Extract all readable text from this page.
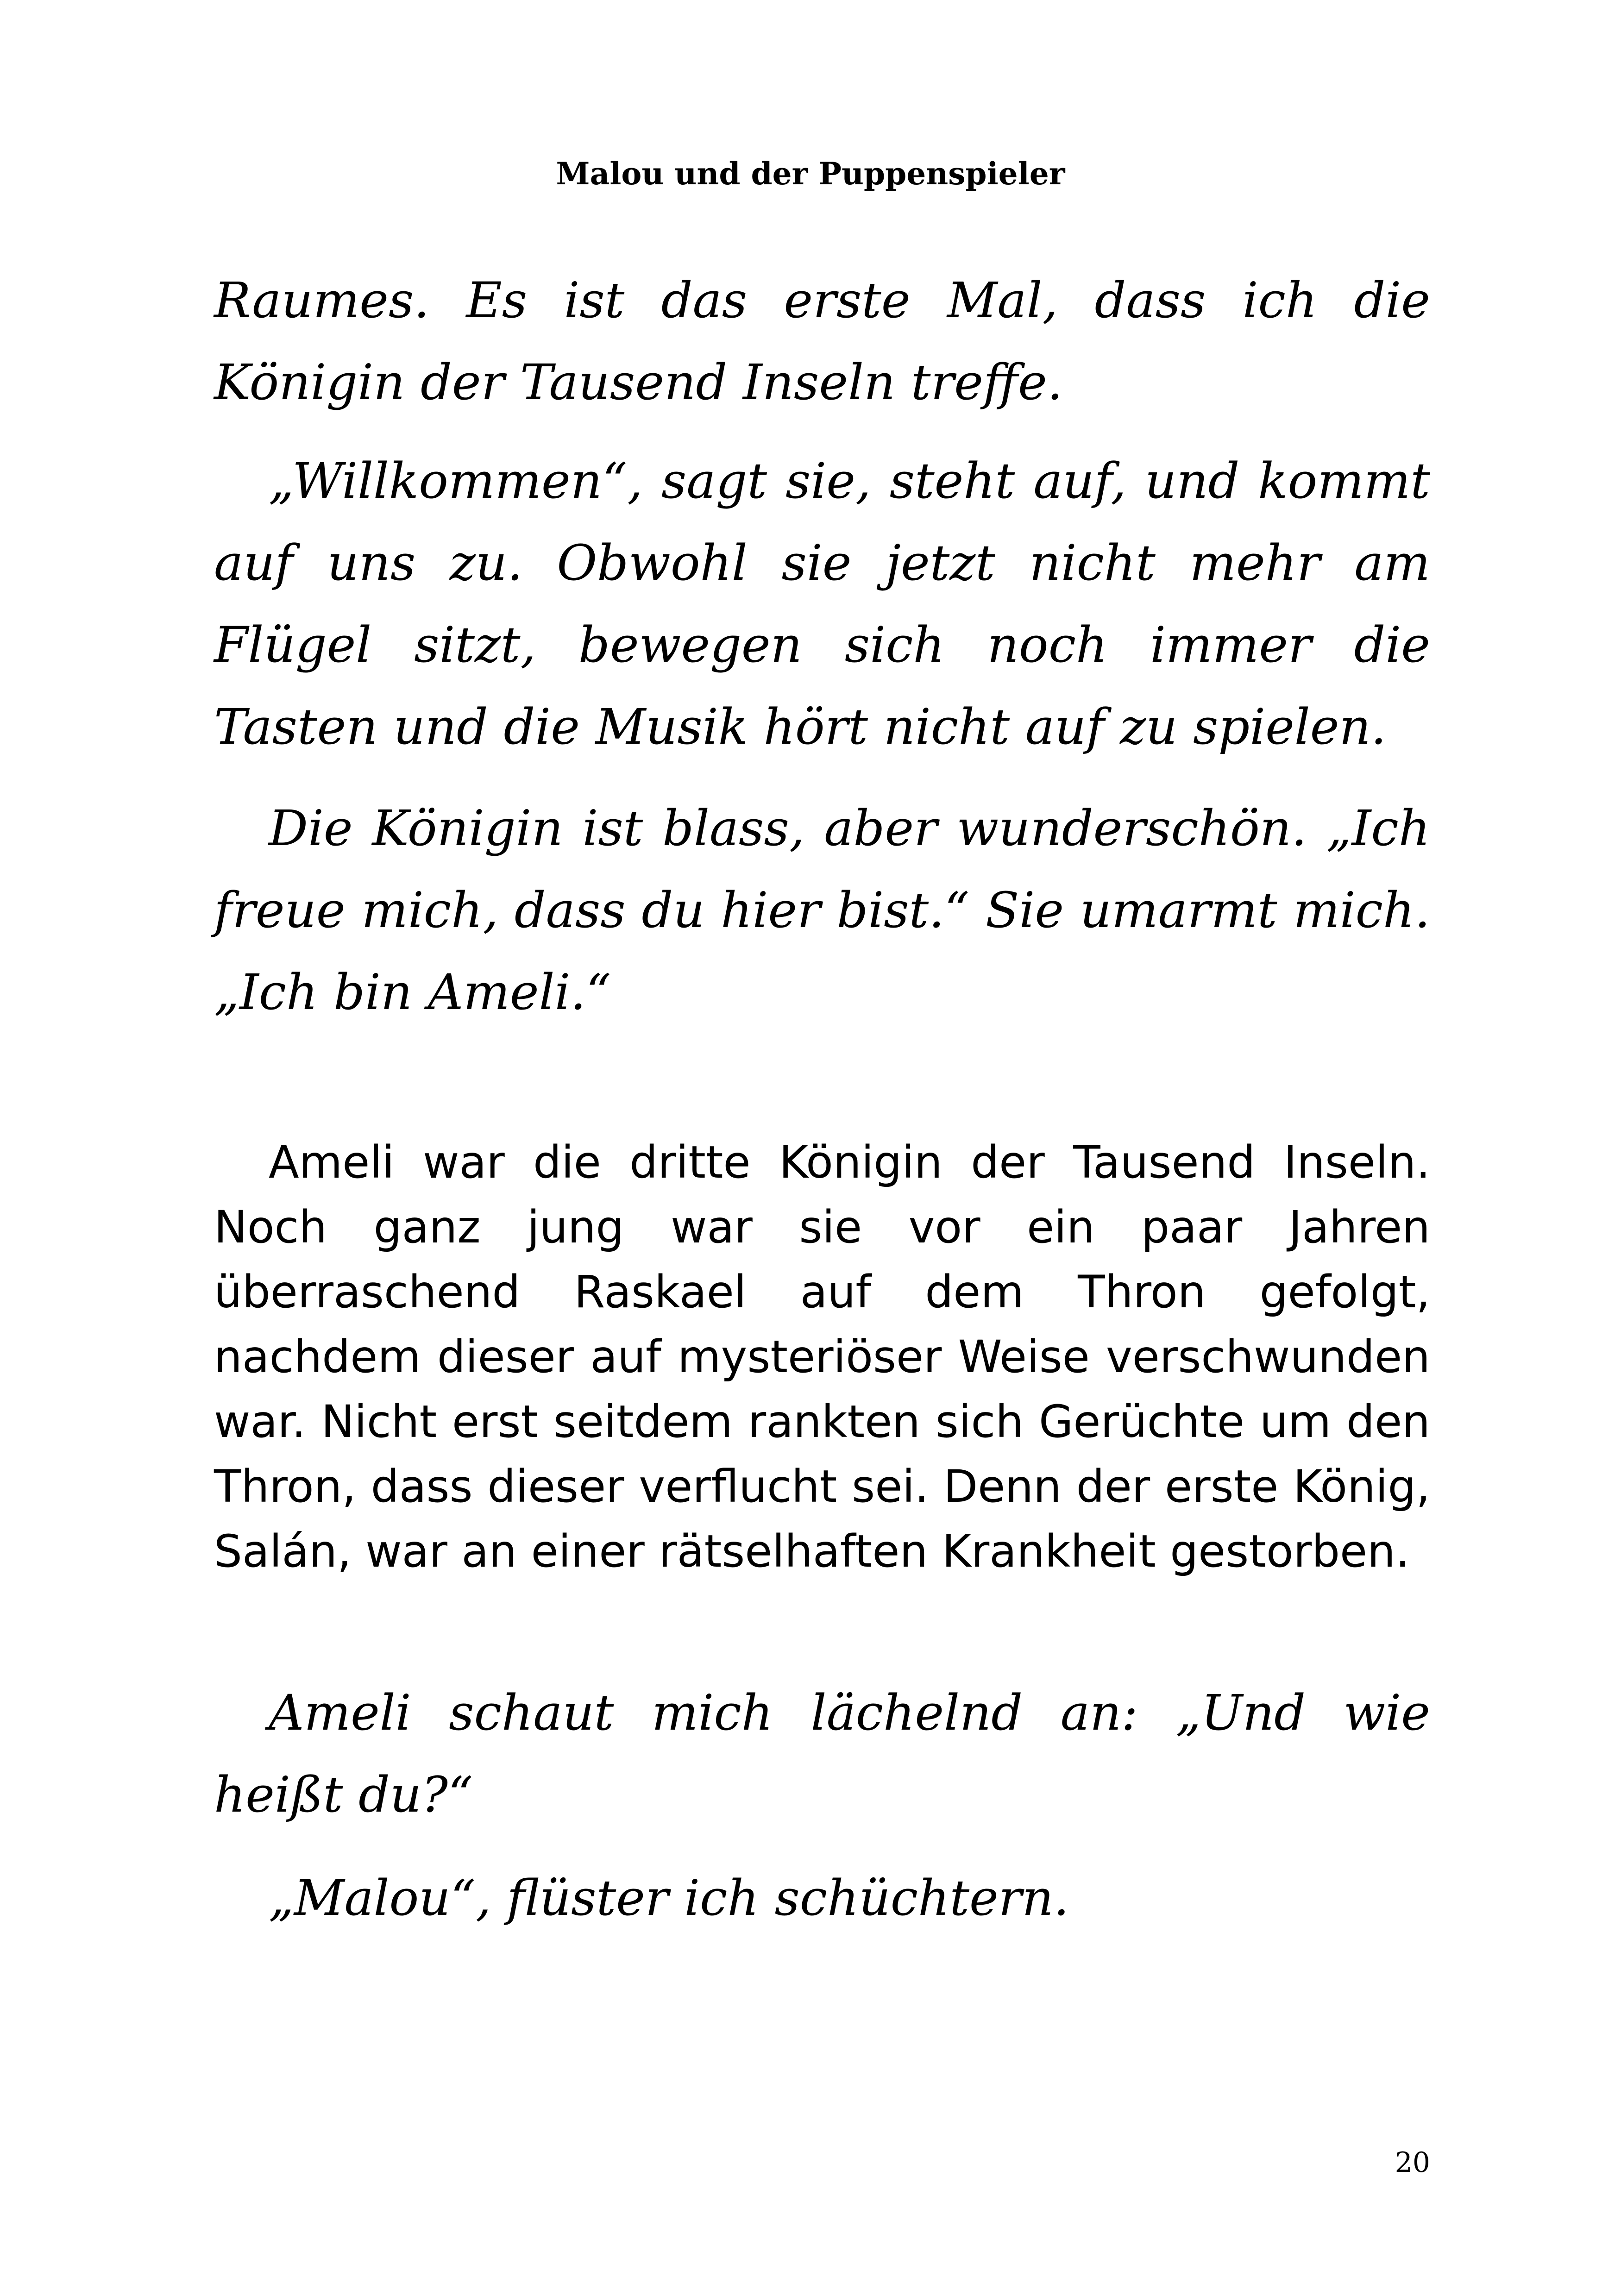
Malou und der Puppenspieler

Raumes. Es ist das erste Mal, dass ich die Königin der Tausend Inseln treffe.

„Willkommen“, sagt sie, steht auf, und kommt auf uns zu. Obwohl sie jetzt nicht mehr am Flügel sitzt, bewegen sich noch immer die Tasten und die Musik hört nicht auf zu spielen.

Die Königin ist blass, aber wunderschön. „Ich freue mich, dass du hier bist.“ Sie umarmt mich. „Ich bin Ameli.“

Ameli war die dritte Königin der Tausend Inseln. Noch ganz jung war sie vor ein paar Jahren überraschend Raskael auf dem Thron gefolgt, nachdem dieser auf mysteriöser Weise verschwunden war. Nicht erst seitdem rankten sich Gerüchte um den Thron, dass dieser verflucht sei. Denn der erste König, Salán, war an einer rätselhaften Krankheit gestorben.

Ameli schaut mich lächelnd an: „Und wie heißt du?“

„Malou“, flüster ich schüchtern.

20
